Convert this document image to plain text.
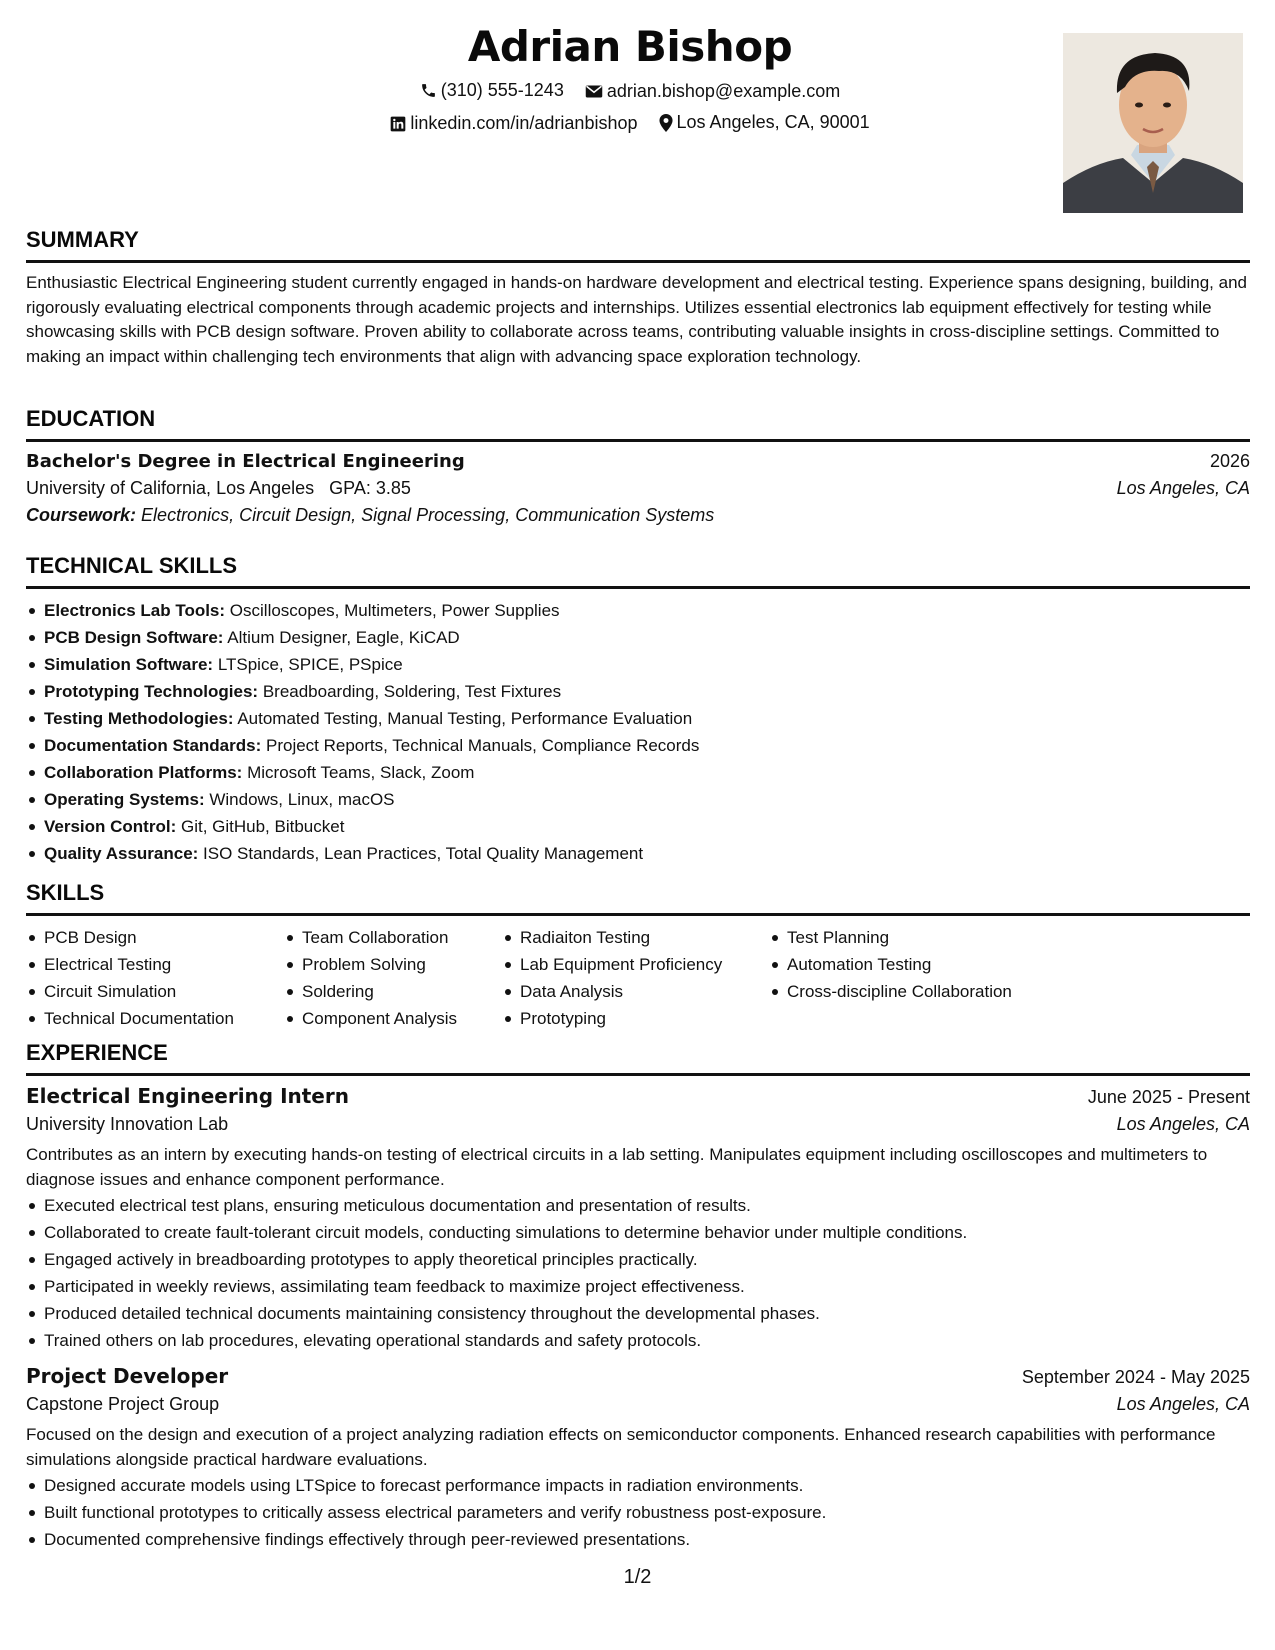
Adrian Bishop
(310) 555-1243
adrian.bishop@example.com
linkedin.com/in/adrianbishop
Los Angeles, CA, 90001
SUMMARY
Enthusiastic Electrical Engineering student currently engaged in hands-on hardware development and electrical testing. Experience spans designing, building, and rigorously evaluating electrical components through academic projects and internships. Utilizes essential electronics lab equipment effectively for testing while showcasing skills with PCB design software. Proven ability to collaborate across teams, contributing valuable insights in cross-discipline settings. Committed to making an impact within challenging tech environments that align with advancing space exploration technology.
EDUCATION
Bachelor's Degree in Electrical Engineering	2026
University of California, Los Angeles GPA: 3.85	Los Angeles, CA
Coursework: Electronics, Circuit Design, Signal Processing, Communication Systems
TECHNICAL SKILLS
Electronics Lab Tools: Oscilloscopes, Multimeters, Power Supplies
PCB Design Software: Altium Designer, Eagle, KiCAD
Simulation Software: LTSpice, SPICE, PSpice
Prototyping Technologies: Breadboarding, Soldering, Test Fixtures
Testing Methodologies: Automated Testing, Manual Testing, Performance Evaluation
Documentation Standards: Project Reports, Technical Manuals, Compliance Records
Collaboration Platforms: Microsoft Teams, Slack, Zoom
Operating Systems: Windows, Linux, macOS
Version Control: Git, GitHub, Bitbucket
Quality Assurance: ISO Standards, Lean Practices, Total Quality Management
SKILLS
PCB Design
Electrical Testing
Circuit Simulation
Technical Documentation
Team Collaboration
Problem Solving
Soldering
Component Analysis
Radiaiton Testing
Lab Equipment Proficiency
Data Analysis
Prototyping
Test Planning
Automation Testing
Cross-discipline Collaboration
EXPERIENCE
Electrical Engineering Intern	June 2025 - Present
University Innovation Lab	Los Angeles, CA
Contributes as an intern by executing hands-on testing of electrical circuits in a lab setting. Manipulates equipment including oscilloscopes and multimeters to diagnose issues and enhance component performance.
Executed electrical test plans, ensuring meticulous documentation and presentation of results.
Collaborated to create fault-tolerant circuit models, conducting simulations to determine behavior under multiple conditions.
Engaged actively in breadboarding prototypes to apply theoretical principles practically.
Participated in weekly reviews, assimilating team feedback to maximize project effectiveness.
Produced detailed technical documents maintaining consistency throughout the developmental phases.
Trained others on lab procedures, elevating operational standards and safety protocols.
Project Developer	September 2024 - May 2025
Capstone Project Group	Los Angeles, CA
Focused on the design and execution of a project analyzing radiation effects on semiconductor components. Enhanced research capabilities with performance simulations alongside practical hardware evaluations.
Designed accurate models using LTSpice to forecast performance impacts in radiation environments.
Built functional prototypes to critically assess electrical parameters and verify robustness post-exposure.
Documented comprehensive findings effectively through peer-reviewed presentations.
1/2
